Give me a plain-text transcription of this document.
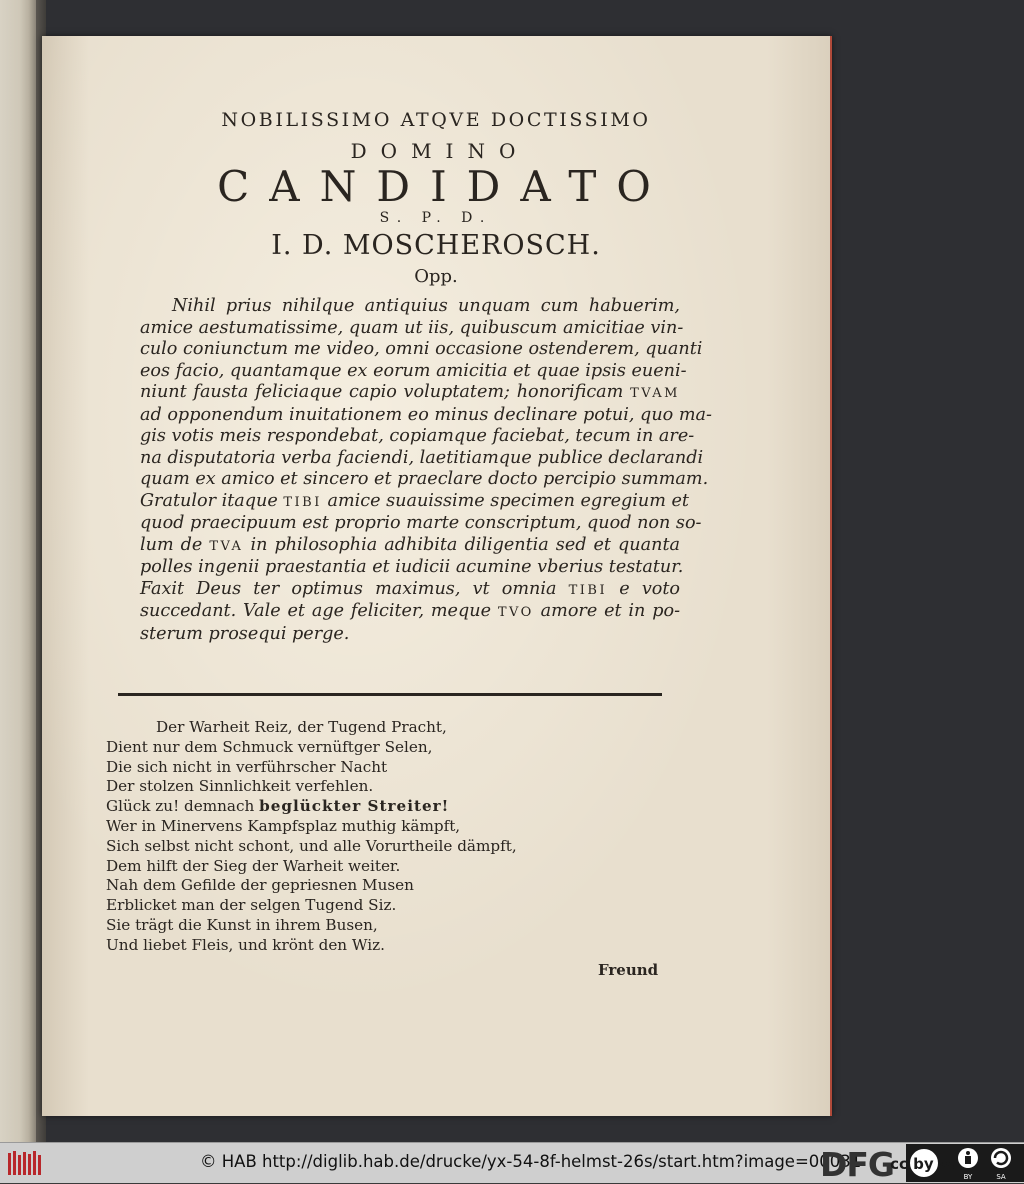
NOBILISSIMO ATQVE DOCTISSIMO
DOMINO
CANDIDATO
S. P. D.
I. D. MOSCHEROSCH.
Opp.
Nihil prius nihilque antiquius unquam cum habuerim,
amice aestumatissime, quam ut iis, quibuscum amicitiae vin-
culo coniunctum me video, omni occasione ostenderem, quanti
eos facio, quantamque ex eorum amicitia et quae ipsis eueni-
niunt fausta feliciaque capio voluptatem; honorificam TVAM
ad opponendum inuitationem eo minus declinare potui, quo ma-
gis votis meis respondebat, copiamque faciebat, tecum in are-
na disputatoria verba faciendi, laetitiamque publice declarandi
quam ex amico et sincero et praeclare docto percipio summam.
Gratulor itaque TIBI amice suauissime specimen egregium et
quod praecipuum est proprio marte conscriptum, quod non so-
lum de TVA in philosophia adhibita diligentia sed et quanta
polles ingenii praestantia et iudicii acumine vberius testatur.
Faxit Deus ter optimus maximus, vt omnia TIBI e voto
succedant. Vale et age feliciter, meque TVO amore et in po-
sterum prosequi perge.
Der Warheit Reiz, der Tugend Pracht,
Dient nur dem Schmuck vernüftger Selen,
Die sich nicht in verführscher Nacht
Der stolzen Sinnlichkeit verfehlen.
Glück zu! demnach beglückter Streiter!
Wer in Minervens Kampfsplaz muthig kämpft,
Sich selbst nicht schont, und alle Vorurtheile dämpft,
Dem hilft der Sieg der Warheit weiter.
Nah dem Gefilde der gepriesnen Musen
Erblicket man der selgen Tugend Siz.
Sie trägt die Kunst in ihrem Busen,
Und liebet Fleis, und krönt den Wiz.
Freund
© HAB http://diglib.hab.de/drucke/yx-54-8f-helmst-26s/start.htm?image=00031
DFG
cc by sa
BY	SA
